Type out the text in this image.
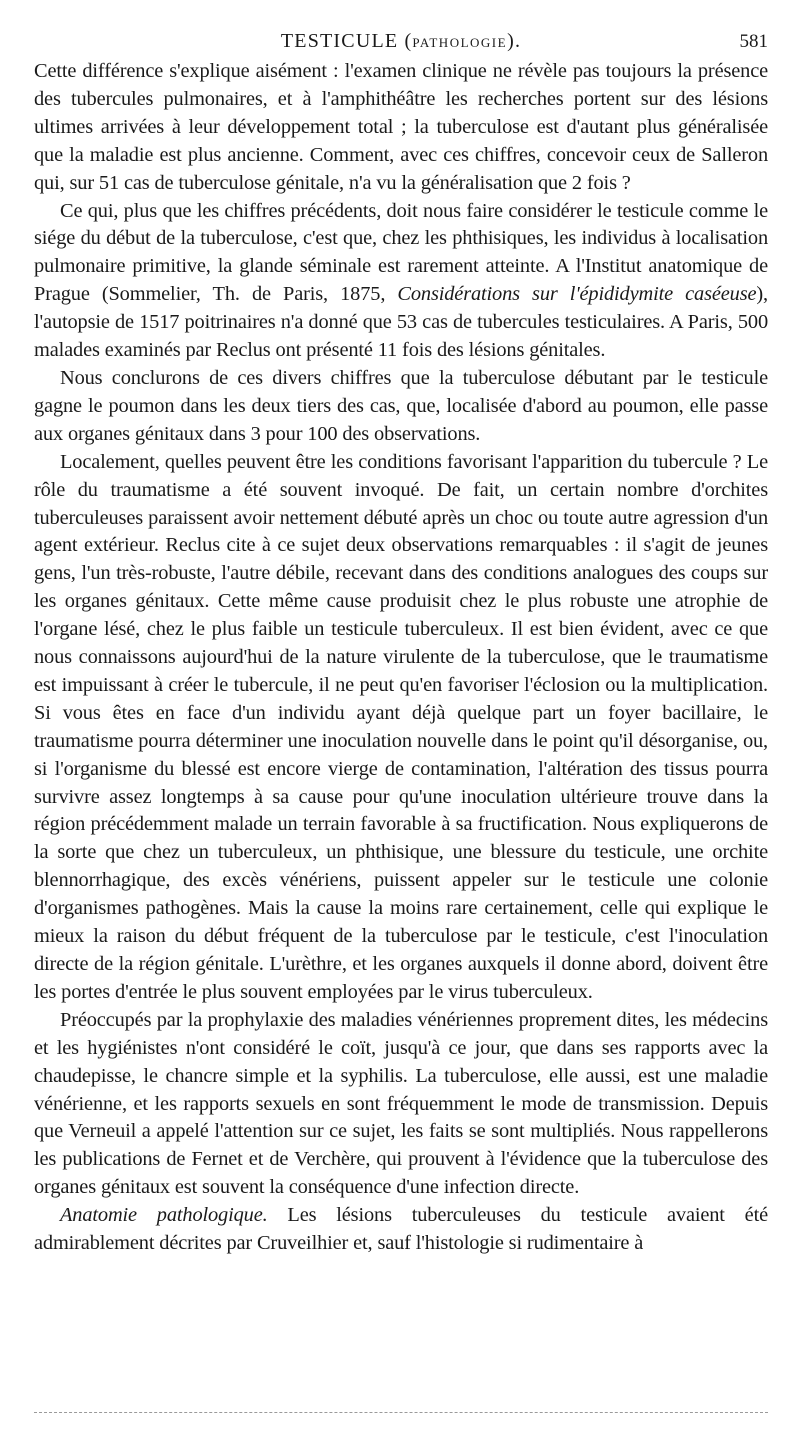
TESTICULE (PATHOLOGIE).	581

Cette différence s'explique aisément : l'examen clinique ne révèle pas toujours la présence des tubercules pulmonaires, et à l'amphithéâtre les recherches portent sur des lésions ultimes arrivées à leur développement total ; la tuberculose est d'autant plus généralisée que la maladie est plus ancienne. Comment, avec ces chiffres, concevoir ceux de Salleron qui, sur 51 cas de tuberculose génitale, n'a vu la généralisation que 2 fois ?

Ce qui, plus que les chiffres précédents, doit nous faire considérer le testicule comme le siége du début de la tuberculose, c'est que, chez les phthisiques, les individus à localisation pulmonaire primitive, la glande séminale est rarement atteinte. A l'Institut anatomique de Prague (Sommelier, Th. de Paris, 1875, Considérations sur l'épididymite caséeuse), l'autopsie de 1517 poitrinaires n'a donné que 53 cas de tubercules testiculaires. A Paris, 500 malades examinés par Reclus ont présenté 11 fois des lésions génitales.

Nous conclurons de ces divers chiffres que la tuberculose débutant par le testicule gagne le poumon dans les deux tiers des cas, que, localisée d'abord au poumon, elle passe aux organes génitaux dans 3 pour 100 des observations.

Localement, quelles peuvent être les conditions favorisant l'apparition du tubercule ? Le rôle du traumatisme a été souvent invoqué. De fait, un certain nombre d'orchites tuberculeuses paraissent avoir nettement débuté après un choc ou toute autre agression d'un agent extérieur. Reclus cite à ce sujet deux observations remarquables : il s'agit de jeunes gens, l'un très-robuste, l'autre débile, recevant dans des conditions analogues des coups sur les organes génitaux. Cette même cause produisit chez le plus robuste une atrophie de l'organe lésé, chez le plus faible un testicule tuberculeux. Il est bien évident, avec ce que nous connaissons aujourd'hui de la nature virulente de la tuberculose, que le traumatisme est impuissant à créer le tubercule, il ne peut qu'en favoriser l'éclosion ou la multiplication. Si vous êtes en face d'un individu ayant déjà quelque part un foyer bacillaire, le traumatisme pourra déterminer une inoculation nouvelle dans le point qu'il désorganise, ou, si l'organisme du blessé est encore vierge de contamination, l'altération des tissus pourra survivre assez longtemps à sa cause pour qu'une inoculation ultérieure trouve dans la région précédemment malade un terrain favorable à sa fructification. Nous expliquerons de la sorte que chez un tuberculeux, un phthisique, une blessure du testicule, une orchite blennorrhagique, des excès vénériens, puissent appeler sur le testicule une colonie d'organismes pathogènes. Mais la cause la moins rare certainement, celle qui explique le mieux la raison du début fréquent de la tuberculose par le testicule, c'est l'inoculation directe de la région génitale. L'urèthre, et les organes auxquels il donne abord, doivent être les portes d'entrée le plus souvent employées par le virus tuberculeux.

Préoccupés par la prophylaxie des maladies vénériennes proprement dites, les médecins et les hygiénistes n'ont considéré le coït, jusqu'à ce jour, que dans ses rapports avec la chaudepisse, le chancre simple et la syphilis. La tuberculose, elle aussi, est une maladie vénérienne, et les rapports sexuels en sont fréquemment le mode de transmission. Depuis que Verneuil a appelé l'attention sur ce sujet, les faits se sont multipliés. Nous rappellerons les publications de Fernet et de Verchère, qui prouvent à l'évidence que la tuberculose des organes génitaux est souvent la conséquence d'une infection directe.

Anatomie pathologique. Les lésions tuberculeuses du testicule avaient été admirablement décrites par Cruveilhier et, sauf l'histologie si rudimentaire à
